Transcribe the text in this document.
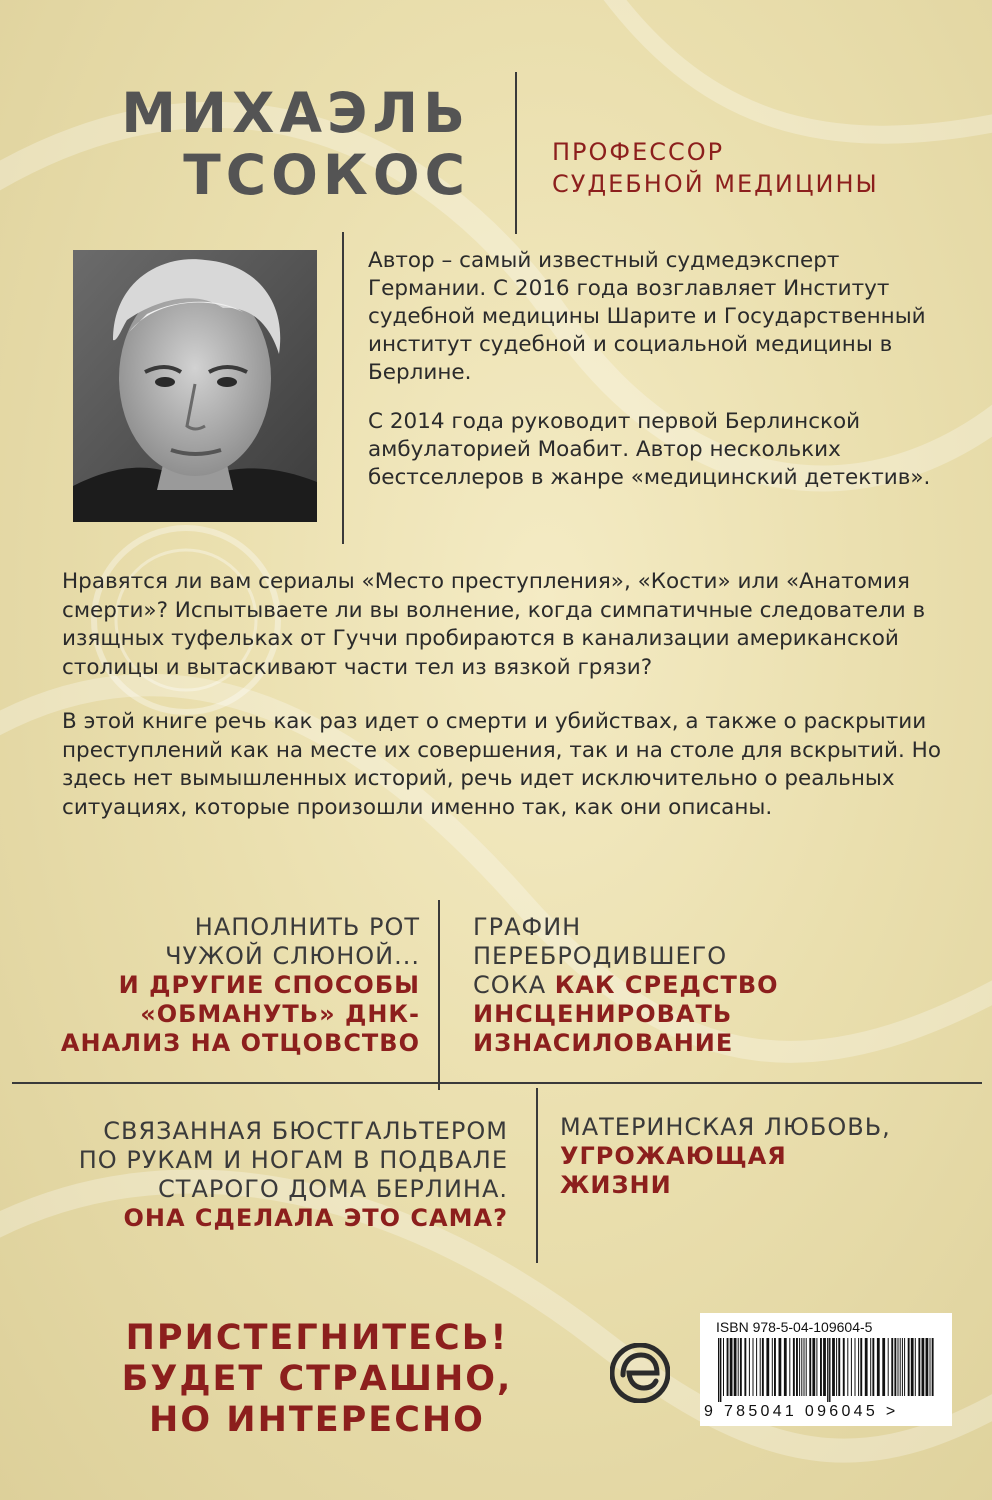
МИХАЭЛЬ
ТСОКОС	ПРОФЕССОР
СУДЕБНОЙ МЕДИЦИНЫ

Автор – самый известный судмедэксперт Германии. С 2016 года возглавляет Институт судебной медицины Шарите и Государственный институт судебной и социальной медицины в Берлине.

С 2014 года руководит первой Берлинской амбулаторией Моабит. Автор нескольких бестселлеров в жанре «медицинский детектив».

Нравятся ли вам сериалы «Место преступления», «Кости» или «Анатомия смерти»? Испытываете ли вы волнение, когда симпатичные следователи в изящных туфельках от Гуччи пробираются в канализации американской столицы и вытаскивают части тел из вязкой грязи?

В этой книге речь как раз идет о смерти и убийствах, а также о раскрытии преступлений как на месте их совершения, так и на столе для вскрытий. Но здесь нет вымышленных историй, речь идет исключительно о реальных ситуациях, которые произошли именно так, как они описаны.

НАПОЛНИТЬ РОТ
ЧУЖОЙ СЛЮНОЙ...
И ДРУГИЕ СПОСОБЫ
«ОБМАНУТЬ» ДНК-
АНАЛИЗ НА ОТЦОВСТВО
ГРАФИН
ПЕРЕБРОДИВШЕГО
СОКА КАК СРЕДСТВО
ИНСЦЕНИРОВАТЬ
ИЗНАСИЛОВАНИЕ
СВЯЗАННАЯ БЮСТГАЛЬТЕРОМ
ПО РУКАМ И НОГАМ В ПОДВАЛЕ
СТАРОГО ДОМА БЕРЛИНА.
ОНА СДЕЛАЛА ЭТО САМА?
МАТЕРИНСКАЯ ЛЮБОВЬ,
УГРОЖАЮЩАЯ
ЖИЗНИ
ПРИСТЕГНИТЕСЬ!
БУДЕТ СТРАШНО,
НО ИНТЕРЕСНО
ISBN 978-5-04-109604-5
9 785041 096045 >
